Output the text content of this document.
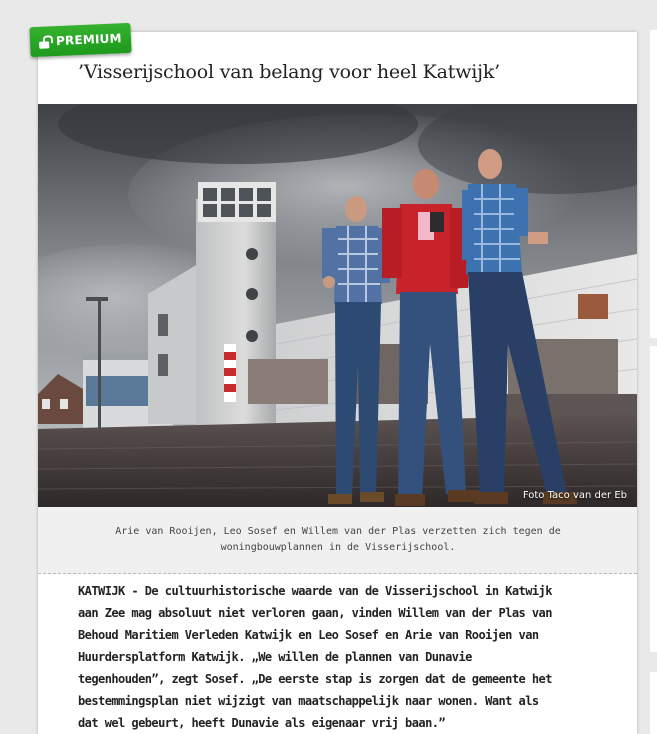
PREMIUM
’Visserijschool van belang voor heel Katwijk’
Foto Taco van der Eb

Arie van Rooijen, Leo Sosef en Willem van der Plas verzetten zich tegen de woningbouwplannen in de Visserijschool.

KATWIJK - De cultuurhistorische waarde van de Visserijschool in Katwijk
aan Zee mag absoluut niet verloren gaan, vinden Willem van der Plas van
Behoud Maritiem Verleden Katwijk en Leo Sosef en Arie van Rooijen van
Huurdersplatform Katwijk. „We willen de plannen van Dunavie
tegenhouden”, zegt Sosef. „De eerste stap is zorgen dat de gemeente het
bestemmingsplan niet wijzigt van maatschappelijk naar wonen. Want als
dat wel gebeurt, heeft Dunavie als eigenaar vrij baan.”
